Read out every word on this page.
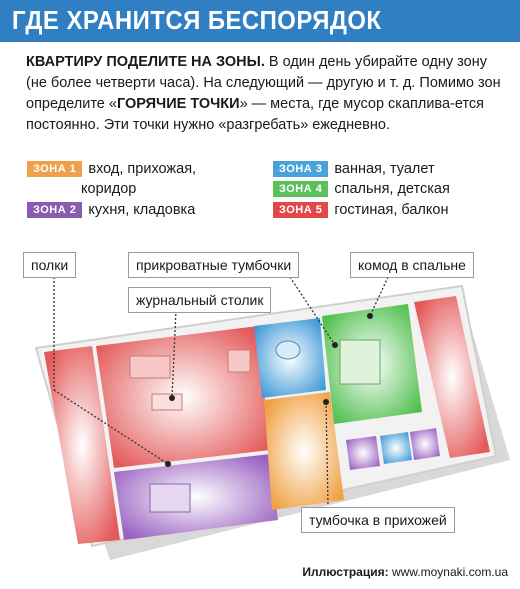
ГДЕ ХРАНИТСЯ БЕСПОРЯДОК
КВАРТИРУ ПОДЕЛИТЕ НА ЗОНЫ. В один день убирайте одну зону (не более четверти часа). На следующий — другую и т. д. Помимо зон определите «ГОРЯЧИЕ ТОЧКИ» — места, где мусор скаплива-ется постоянно. Эти точки нужно «разгребать» ежедневно.
ЗОНА 1 вход, прихожая,
коридор
ЗОНА 2 кухня, кладовка
ЗОНА 3 ванная, туалет
ЗОНА 4 спальня, детская
ЗОНА 5 гостиная, балкон
полки	прикроватные тумбочки	комод в спальне
журнальный столик
тумбочка в прихожей
Иллюстрация: www.moynaki.com.ua
